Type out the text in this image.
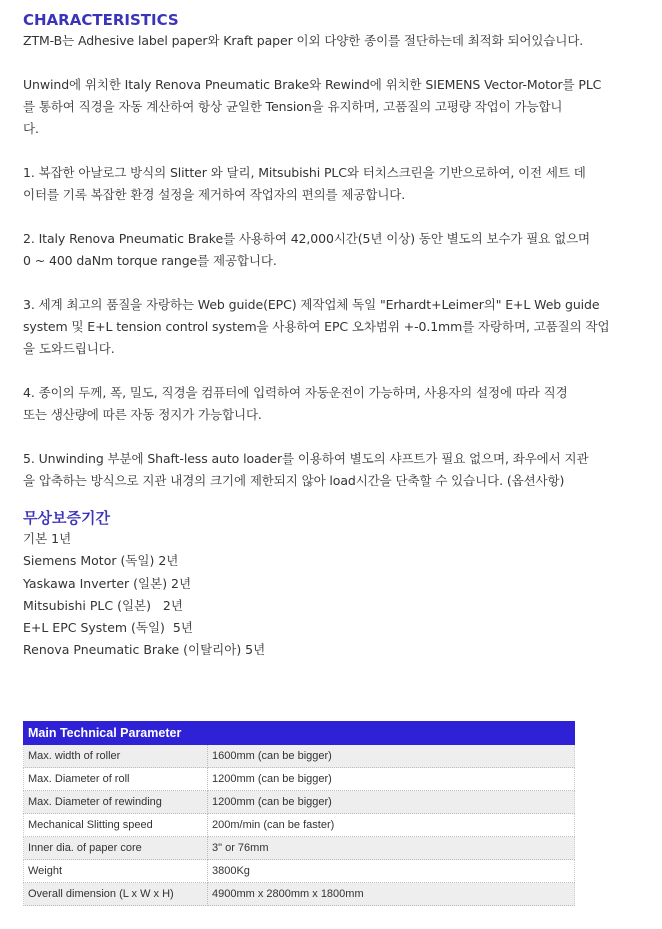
CHARACTERISTICS

ZTM-B는 Adhesive label paper와 Kraft paper 이외 다양한 종이를 절단하는데 최적화 되어있습니다.

Unwind에 위치한 Italy Renova Pneumatic Brake와 Rewind에 위치한 SIEMENS Vector-Motor를 PLC
를 통하여 직경을 자동 계산하여 항상 균일한 Tension을 유지하며, 고품질의 고평량 작업이 가능합니
다.

1. 복잡한 아날로그 방식의 Slitter 와 달리, Mitsubishi PLC와 터치스크린을 기반으로하여, 이전 세트 데
이터를 기록 복잡한 환경 설정을 제거하여 작업자의 편의를 제공합니다.

2. Italy Renova Pneumatic Brake를 사용하여 42,000시간(5년 이상) 동안 별도의 보수가 필요 없으며
0 ~ 400 daNm torque range를 제공합니다.

3. 세계 최고의 품질을 자랑하는 Web guide(EPC) 제작업체 독일 "Erhardt+Leimer의" E+L Web guide
system 및 E+L tension control system을 사용하여 EPC 오차범위 +-0.1mm를 자랑하며, 고품질의 작업
을 도와드립니다.

4. 종이의 두께, 폭, 밀도, 직경을 컴퓨터에 입력하여 자동운전이 가능하며, 사용자의 설정에 따라 직경
또는 생산량에 따른 자동 정지가 가능합니다.

5. Unwinding 부분에 Shaft-less auto loader를 이용하여 별도의 샤프트가 필요 없으며, 좌우에서 지관
을 압축하는 방식으로 지관 내경의 크기에 제한되지 않아 load시간을 단축할 수 있습니다. (옵션사항)

무상보증기간
기본 1년
Siemens Motor (독일) 2년
Yaskawa Inverter (일본) 2년
Mitsubishi PLC (일본)   2년
E+L EPC System (독일)  5년
Renova Pneumatic Brake (이탈리아) 5년
Main Technical Parameter	
Max. width of roller	1600mm (can be bigger)
Max. Diameter of roll	1200mm (can be bigger)
Max. Diameter of rewinding	1200mm (can be bigger)
Mechanical Slitting speed	200m/min (can be faster)
Inner dia. of paper core	3" or 76mm
Weight	3800Kg
Overall dimension (L x W x H)	4900mm x 2800mm x 1800mm
